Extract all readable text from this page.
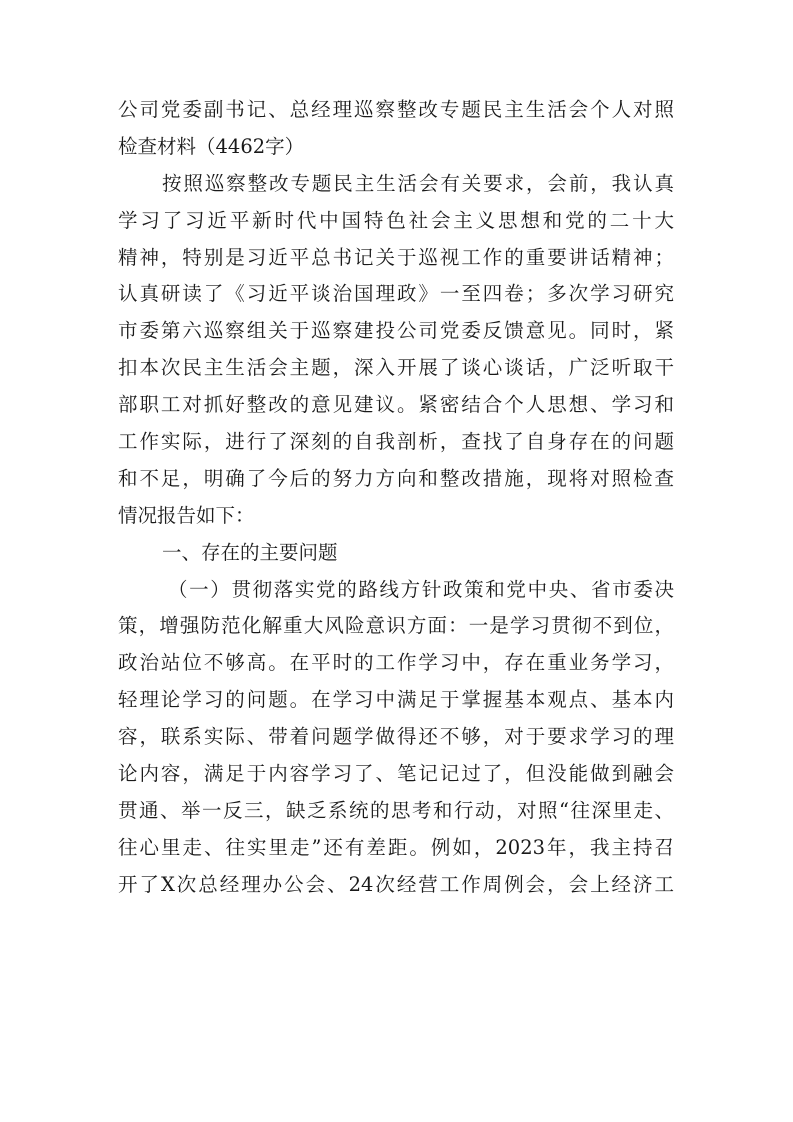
公司党委副书记、总经理巡察整改专题民主生活会个人对照
检查材料（4462字）
按照巡察整改专题民主生活会有关要求，会前，我认真
学习了习近平新时代中国特色社会主义思想和党的二十大
精神，特别是习近平总书记关于巡视工作的重要讲话精神；
认真研读了《习近平谈治国理政》一至四卷；多次学习研究
市委第六巡察组关于巡察建投公司党委反馈意见。同时，紧
扣本次民主生活会主题，深入开展了谈心谈话，广泛听取干
部职工对抓好整改的意见建议。紧密结合个人思想、学习和
工作实际，进行了深刻的自我剖析，查找了自身存在的问题
和不足，明确了今后的努力方向和整改措施，现将对照检查
情况报告如下：
一、存在的主要问题
（一）贯彻落实党的路线方针政策和党中央、省市委决
策，增强防范化解重大风险意识方面：一是学习贯彻不到位，
政治站位不够高。在平时的工作学习中，存在重业务学习，
轻理论学习的问题。在学习中满足于掌握基本观点、基本内
容，联系实际、带着问题学做得还不够，对于要求学习的理
论内容，满足于内容学习了、笔记记过了，但没能做到融会
贯通、举一反三，缺乏系统的思考和行动，对照“往深里走、
往心里走、往实里走”还有差距。例如，2023年，我主持召
开了X次总经理办公会、24次经营工作周例会，会上经济工
